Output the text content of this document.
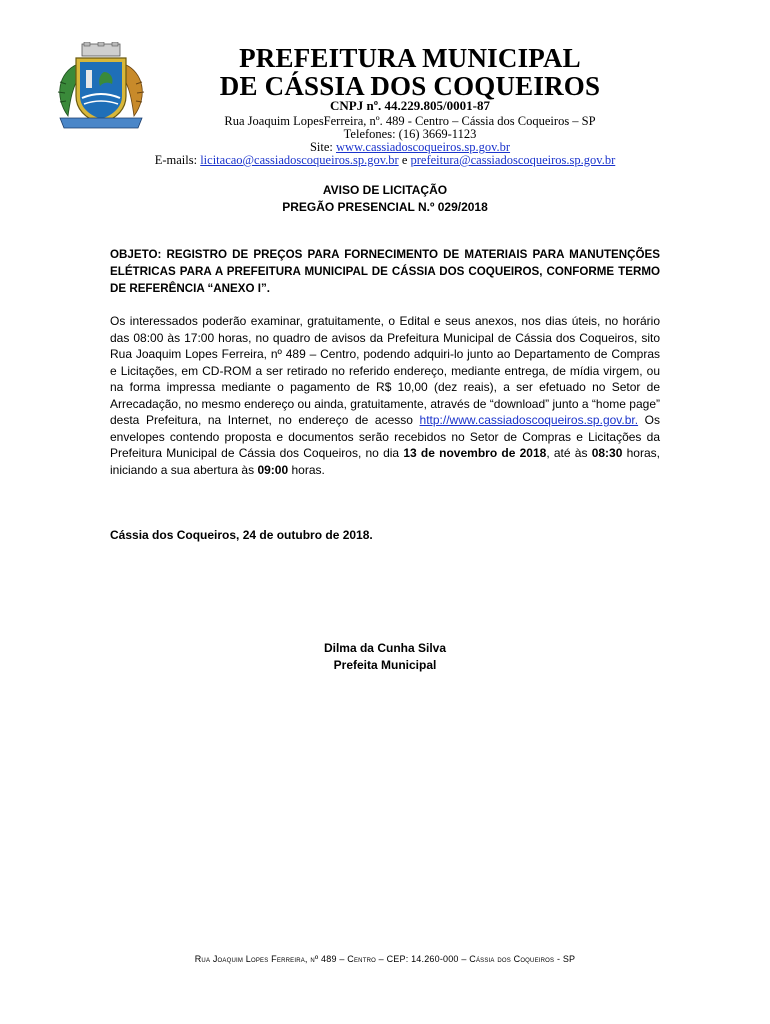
PREFEITURA MUNICIPAL
DE CÁSSIA DOS COQUEIROS
CNPJ nº. 44.229.805/0001-87
Rua Joaquim LopesFerreira, nº. 489 - Centro – Cássia dos Coqueiros – SP
Telefones: (16) 3669-1123
Site: www.cassiadoscoqueiros.sp.gov.br
E-mails: licitacao@cassiadoscoqueiros.sp.gov.br e prefeitura@cassiadoscoqueiros.sp.gov.br
AVISO DE LICITAÇÃO
PREGÃO PRESENCIAL N.º 029/2018
OBJETO: REGISTRO DE PREÇOS PARA FORNECIMENTO DE MATERIAIS PARA MANUTENÇÕES ELÉTRICAS PARA A PREFEITURA MUNICIPAL DE CÁSSIA DOS COQUEIROS, CONFORME TERMO DE REFERÊNCIA “ANEXO I”.
Os interessados poderão examinar, gratuitamente, o Edital e seus anexos, nos dias úteis, no horário das 08:00 às 17:00 horas, no quadro de avisos da Prefeitura Municipal de Cássia dos Coqueiros, sito Rua Joaquim Lopes Ferreira, nº 489 – Centro, podendo adquiri-lo junto ao Departamento de Compras e Licitações, em CD-ROM a ser retirado no referido endereço, mediante entrega, de mídia virgem, ou na forma impressa mediante o pagamento de R$ 10,00 (dez reais), a ser efetuado no Setor de Arrecadação, no mesmo endereço ou ainda, gratuitamente, através de “download” junto a “home page” desta Prefeitura, na Internet, no endereço de acesso http://www.cassiadoscoqueiros.sp.gov.br. Os envelopes contendo proposta e documentos serão recebidos no Setor de Compras e Licitações da Prefeitura Municipal de Cássia dos Coqueiros, no dia 13 de novembro de 2018, até às 08:30 horas, iniciando a sua abertura às 09:00 horas.
Cássia dos Coqueiros, 24 de outubro de 2018.
Dilma da Cunha Silva
Prefeita Municipal
Rua Joaquim Lopes Ferreira, nº 489 – Centro – CEP: 14.260-000 – Cássia dos Coqueiros - SP
